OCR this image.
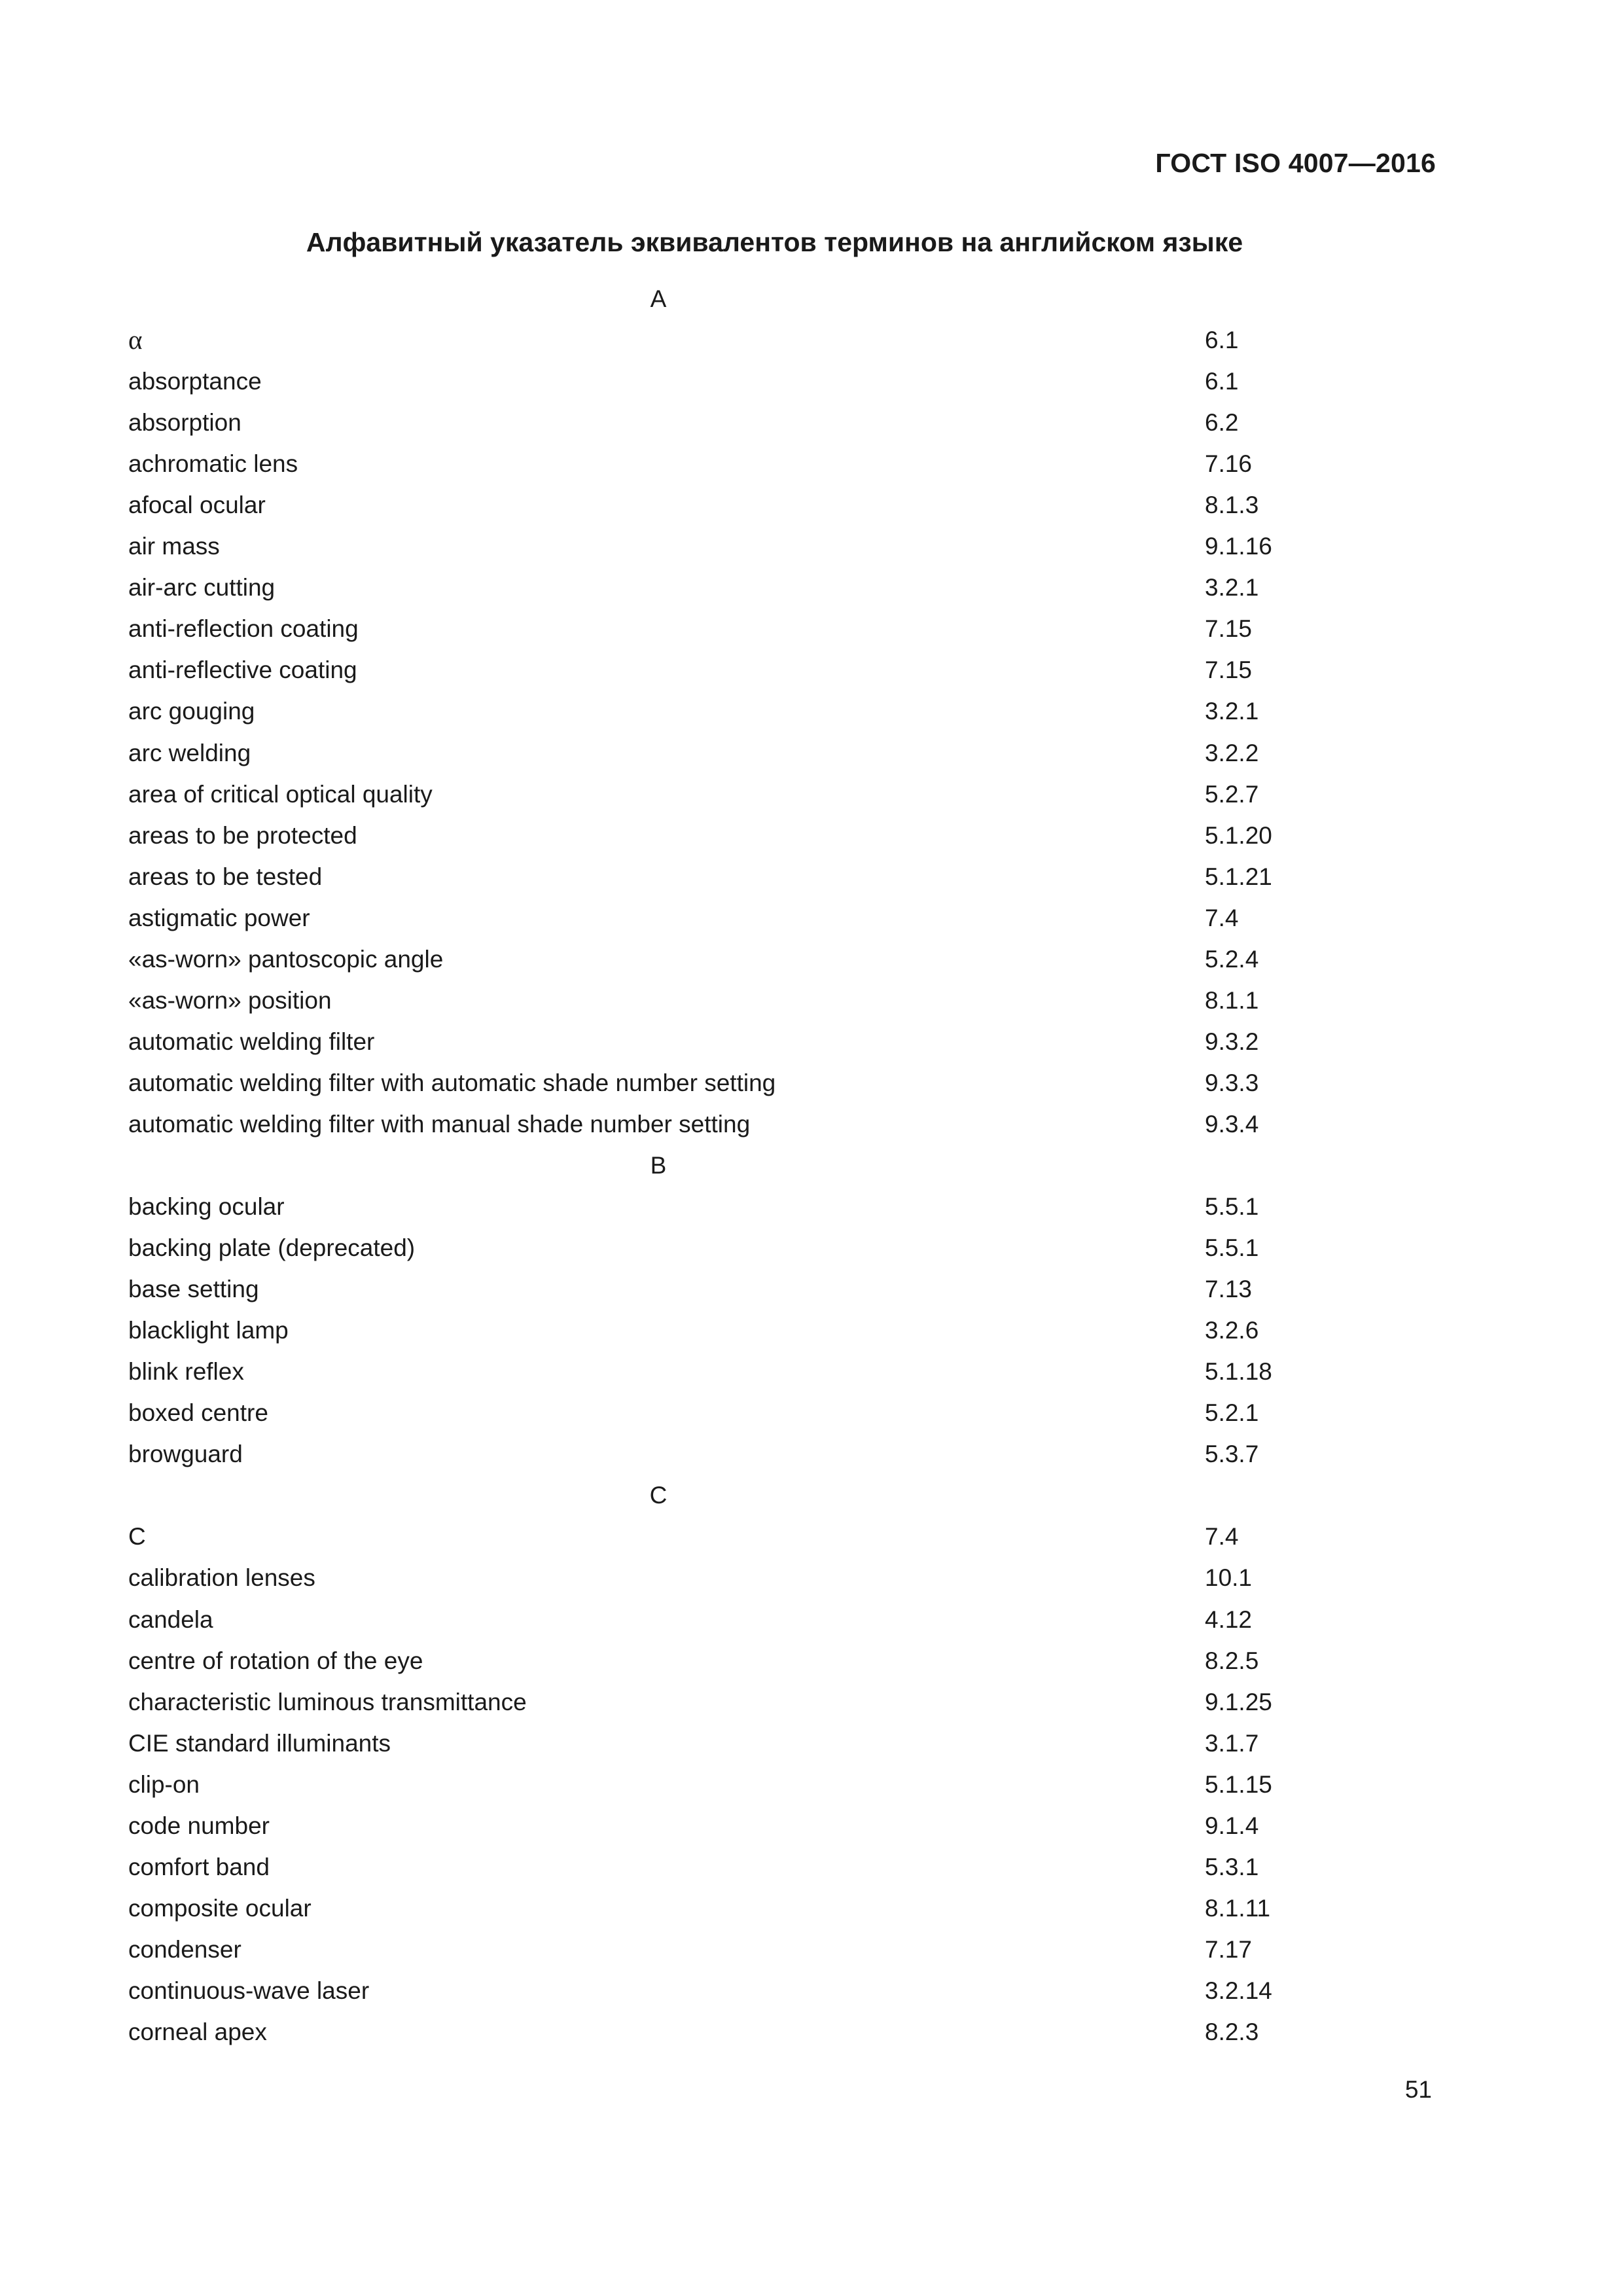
ГОСТ ISO 4007—2016
Алфавитный указатель эквивалентов терминов на английском языке
A
α	6.1
absorptance	6.1
absorption	6.2
achromatic lens	7.16
afocal ocular	8.1.3
air mass	9.1.16
air-arc cutting	3.2.1
anti-reflection coating	7.15
anti-reflective coating	7.15
arc gouging	3.2.1
arc welding	3.2.2
area of critical optical quality	5.2.7
areas to be protected	5.1.20
areas to be tested	5.1.21
astigmatic power	7.4
«as-worn» pantoscopic angle	5.2.4
«as-worn» position	8.1.1
automatic welding filter	9.3.2
automatic welding filter with automatic shade number setting	9.3.3
automatic welding filter with manual shade number setting	9.3.4
B
backing ocular	5.5.1
backing plate (deprecated)	5.5.1
base setting	7.13
blacklight lamp	3.2.6
blink reflex	5.1.18
boxed centre	5.2.1
browguard	5.3.7
C
C	7.4
calibration lenses	10.1
candela	4.12
centre of rotation of the eye	8.2.5
characteristic luminous transmittance	9.1.25
CIE standard illuminants	3.1.7
clip-on	5.1.15
code number	9.1.4
comfort band	5.3.1
composite ocular	8.1.11
condenser	7.17
continuous-wave laser	3.2.14
corneal apex	8.2.3
51
